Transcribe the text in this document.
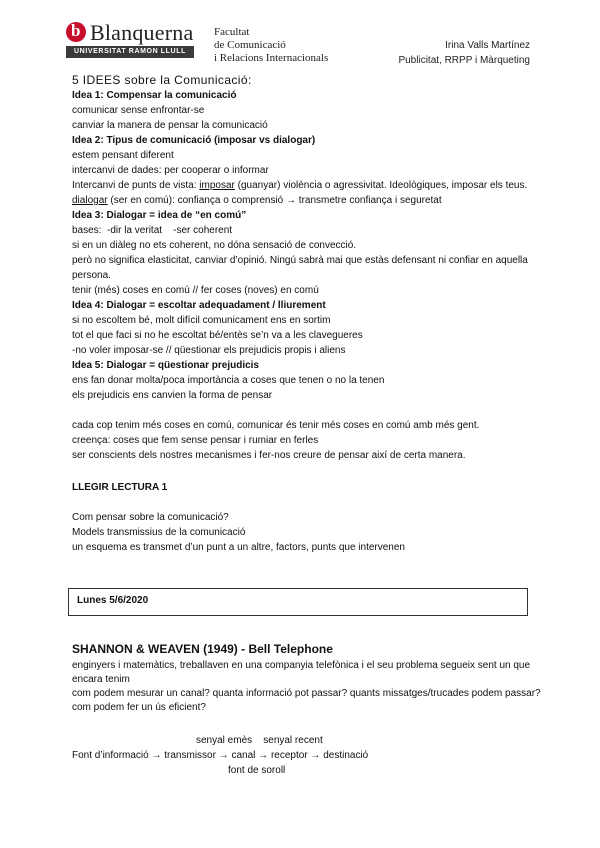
b
Blanquerna
UNIVERSITAT RAMON LLULL
Facultat
de Comunicació
i Relacions Internacionals
Irina Valls Martínez
Publicitat, RRPP i Màrqueting
5 IDEES sobre la Comunicació:
Idea 1: Compensar la comunicació
comunicar sense enfrontar-se
canviar la manera de pensar la comunicació
Idea 2: Tipus de comunicació (imposar vs dialogar)
estem pensant diferent
intercanvi de dades: per cooperar o informar
Intercanvi de punts de vista: imposar (guanyar) violència o agressivitat. Ideològiques, imposar els teus.
dialogar (ser en comú): confiança o comprensió → transmetre confiança i seguretat
Idea 3: Dialogar = idea de “en comú”
bases:  -dir la veritat    -ser coherent
si en un diàleg no ets coherent, no dóna sensació de convecció.
però no significa elasticitat, canviar d’opinió. Ningú sabrà mai que estàs defensant ni confiar en aquella persona.
tenir (més) coses en comú // fer coses (noves) en comú
Idea 4: Dialogar = escoltar adequadament / lliurement
si no escoltem bé, molt difícil comunicament ens en sortim
tot el que faci si no he escoltat bé/entès se’n va a les clavegueres
-no voler imposar-se // qüestionar els prejudicis propis i aliens
Idea 5: Dialogar = qüestionar prejudicis
ens fan donar molta/poca importància a coses que tenen o no la tenen
els prejudicis ens canvien la forma de pensar
cada cop tenim més coses en comú, comunicar és tenir més coses en comú amb més gent.
creença: coses que fem sense pensar i rumiar en ferles
ser conscients dels nostres mecanismes i fer-nos creure de pensar així de certa manera.
LLEGIR LECTURA 1
Com pensar sobre la comunicació?
Models transmissius de la comunicació
un esquema es transmet d’un punt a un altre, factors, punts que intervenen
Lunes 5/6/2020
SHANNON & WEAVEN (1949) - Bell Telephone
enginyers i matemàtics, treballaven en una companyia telefònica i el seu problema segueix sent un que encara tenim
com podem mesurar un canal? quanta informació pot passar? quants missatges/trucades podem passar? com podem fer un ús eficient?
senyal emès    senyal recent
Font d’informació → transmissor → canal → receptor → destinació
font de soroll
